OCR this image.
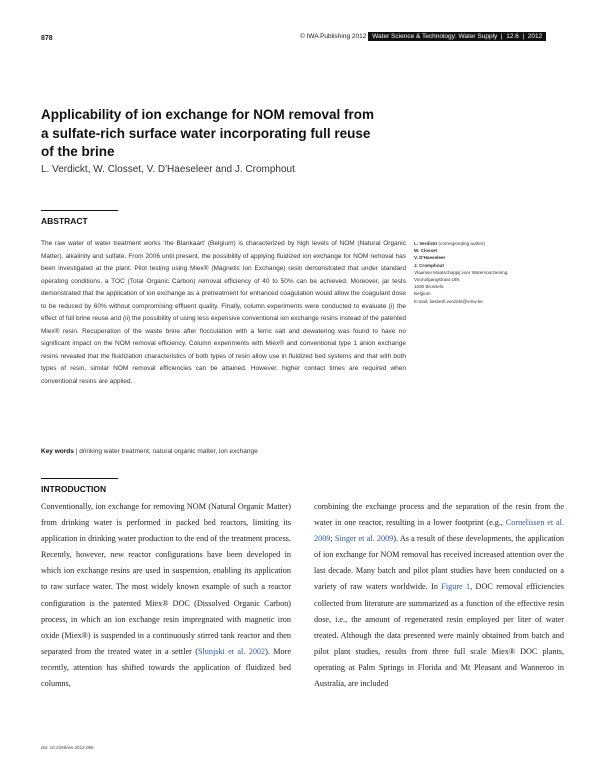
878	© IWA Publishing 2012 Water Science & Technology: Water Supply  |  12.6  |  2012
Applicability of ion exchange for NOM removal from
a sulfate-rich surface water incorporating full reuse
of the brine
L. Verdickt, W. Closset, V. D'Haeseleer and J. Cromphout
ABSTRACT

The raw water of water treatment works ‘the Blankaart’ (Belgium) is characterized by high levels of NOM (Natural Organic Matter), alkalinity and sulfate. From 2006 until present, the possibility of applying fluidized ion exchange for NOM removal has been investigated at the plant. Pilot testing using Miex® (Magnetic Ion Exchange) resin demonstrated that under standard operating conditions, a TOC (Total Organic Carbon) removal efficiency of 40 to 50% can be achieved. Moreover, jar tests demonstrated that the application of ion exchange as a pretreatment for enhanced coagulation would allow the coagulant dose to be reduced by 60% without compromising effluent quality. Finally, column experiments were conducted to evaluate (i) the effect of full brine reuse and (ii) the possibility of using less expensive conventional ion exchange resins instead of the patented Miex® resin. Recuperation of the waste brine after flocculation with a ferric salt and dewatering was found to have no significant impact on the NOM removal efficiency. Column experiments with Miex® and conventional type 1 anion exchange resins revealed that the fluidization characteristics of both types of resin allow use in fluidized bed systems and that with both types of resin, similar NOM removal efficiencies can be attained. However, higher contact times are required when conventional resins are applied.

Key words | drinking water treatment, natural organic matter, ion exchange
L. Verdickt (corresponding author)
W. Closset
V. D'Haeseleer
J. Cromphout
Vlaamse Maatschappij voor Watervoorziening,
Vooruitgangstraat 189,
1030 Brussels,
Belgium
E-mail: liesbeth.verdickt@vmw.be
INTRODUCTION

Conventionally, ion exchange for removing NOM (Natural Organic Matter) from drinking water is performed in packed bed reactors, limiting its application in drinking water production to the end of the treatment process. Recently, however, new reactor configurations have been developed in which ion exchange resins are used in suspension, enabling its application to raw surface water. The most widely known example of such a reactor configuration is the patented Miex® DOC (Dissolved Organic Carbon) process, in which an ion exchange resin impregnated with magnetic iron oxide (Miex®) is suspended in a continuously stirred tank reactor and then separated from the treated water in a settler (Slunjski et al. 2002). More recently, attention has shifted towards the application of fluidized bed columns,

combining the exchange process and the separation of the resin from the water in one reactor, resulting in a lower footprint (e.g., Cornelissen et al. 2009; Singer et al. 2009). As a result of these developments, the application of ion exchange for NOM removal has received increased attention over the last decade. Many batch and pilot plant studies have been conducted on a variety of raw waters worldwide. In Figure 1, DOC removal efficiencies collected from literature are summarized as a function of the effective resin dose, i.e., the amount of regenerated resin employed per liter of water treated. Although the data presented were mainly obtained from batch and pilot plant studies, results from three full scale Miex® DOC plants, operating at Palm Springs in Florida and Mt Pleasant and Wanneroo in Australia, are included

doi: 10.2166/ws.2012.065
